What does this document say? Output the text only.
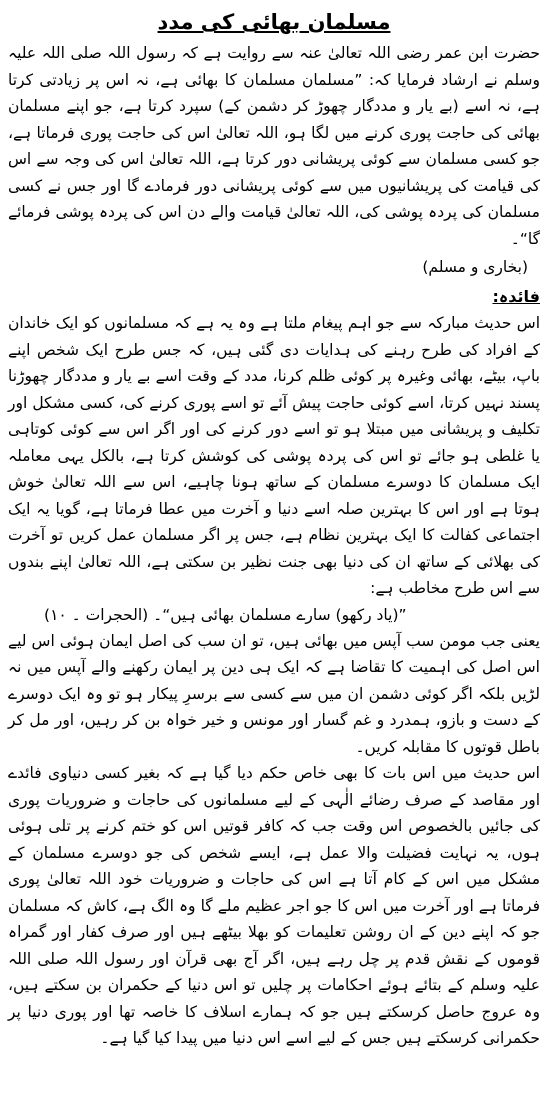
مسلمان بھائی کی مدد

حضرت ابن عمر رضی اللہ تعالیٰ عنہ سے روایت ہے کہ رسول اللہ صلی اللہ علیہ وسلم نے ارشاد فرمایا کہ: ”مسلمان مسلمان کا بھائی ہے، نہ اس پر زیادتی کرتا ہے، نہ اسے (بے یار و مددگار چھوڑ کر دشمن کے) سپرد کرتا ہے، جو اپنے مسلمان بھائی کی حاجت پوری کرنے میں لگا ہو، اللہ تعالیٰ اس کی حاجت پوری فرماتا ہے، جو کسی مسلمان سے کوئی پریشانی دور کرتا ہے، اللہ تعالیٰ اس کی وجہ سے اس کی قیامت کی پریشانیوں میں سے کوئی پریشانی دور فرمادے گا اور جس نے کسی مسلمان کی پردہ پوشی کی، اللہ تعالیٰ قیامت والے دن اس کی پردہ پوشی فرمائے گا“۔

(بخاری و مسلم)

فائدہ:

اس حدیث مبارکہ سے جو اہم پیغام ملتا ہے وہ یہ ہے کہ مسلمانوں کو ایک خاندان کے افراد کی طرح رہنے کی ہدایات دی گئی ہیں، کہ جس طرح ایک شخص اپنے باپ، بیٹے، بھائی وغیرہ پر کوئی ظلم کرنا، مدد کے وقت اسے بے یار و مددگار چھوڑنا پسند نہیں کرتا، اسے کوئی حاجت پیش آئے تو اسے پوری کرنے کی، کسی مشکل اور تکلیف و پریشانی میں مبتلا ہو تو اسے دور کرنے کی اور اگر اس سے کوئی کوتاہی یا غلطی ہو جائے تو اس کی پردہ پوشی کی کوشش کرتا ہے، بالکل یہی معاملہ ایک مسلمان کا دوسرے مسلمان کے ساتھ ہونا چاہیے، اس سے اللہ تعالیٰ خوش ہوتا ہے اور اس کا بہترین صلہ اسے دنیا و آخرت میں عطا فرماتا ہے، گویا یہ ایک اجتماعی کفالت کا ایک بہترین نظام ہے، جس پر اگر مسلمان عمل کریں تو آخرت کی بھلائی کے ساتھ ان کی دنیا بھی جنت نظیر بن سکتی ہے، اللہ تعالیٰ اپنے بندوں سے اس طرح مخاطب ہے:

”(یاد رکھو) سارے مسلمان بھائی ہیں“۔ (الحجرات ۔ ۱۰)

یعنی جب مومن سب آپس میں بھائی ہیں، تو ان سب کی اصل ایمان ہوئی اس لیے اس اصل کی اہمیت کا تقاضا ہے کہ ایک ہی دین پر ایمان رکھنے والے آپس میں نہ لڑیں بلکہ اگر کوئی دشمن ان میں سے کسی سے برسرِ پیکار ہو تو وہ ایک دوسرے کے دست و بازو، ہمدرد و غم گسار اور مونس و خیر خواہ بن کر رہیں، اور مل کر باطل قوتوں کا مقابلہ کریں۔

اس حدیث میں اس بات کا بھی خاص حکم دیا گیا ہے کہ بغیر کسی دنیاوی فائدے اور مقاصد کے صرف رضائے الٰہی کے لیے مسلمانوں کی حاجات و ضروریات پوری کی جائیں بالخصوص اس وقت جب کہ کافر قوتیں اس کو ختم کرنے پر تلی ہوئی ہوں، یہ نہایت فضیلت والا عمل ہے، ایسے شخص کی جو دوسرے مسلمان کے مشکل میں اس کے کام آتا ہے اس کی حاجات و ضروریات خود اللہ تعالیٰ پوری فرماتا ہے اور آخرت میں اس کا جو اجر عظیم ملے گا وہ الگ ہے، کاش کہ مسلمان جو کہ اپنے دین کے ان روشن تعلیمات کو بھلا بیٹھے ہیں اور صرف کفار اور گمراہ قوموں کے نقش قدم پر چل رہے ہیں، اگر آج بھی قرآن اور رسول اللہ صلی اللہ علیہ وسلم کے بتائے ہوئے احکامات پر چلیں تو اس دنیا کے حکمران بن سکتے ہیں، وہ عروج حاصل کرسکتے ہیں جو کہ ہمارے اسلاف کا خاصہ تھا اور پوری دنیا پر حکمرانی کرسکتے ہیں جس کے لیے اسے اس دنیا میں پیدا کیا گیا ہے۔
